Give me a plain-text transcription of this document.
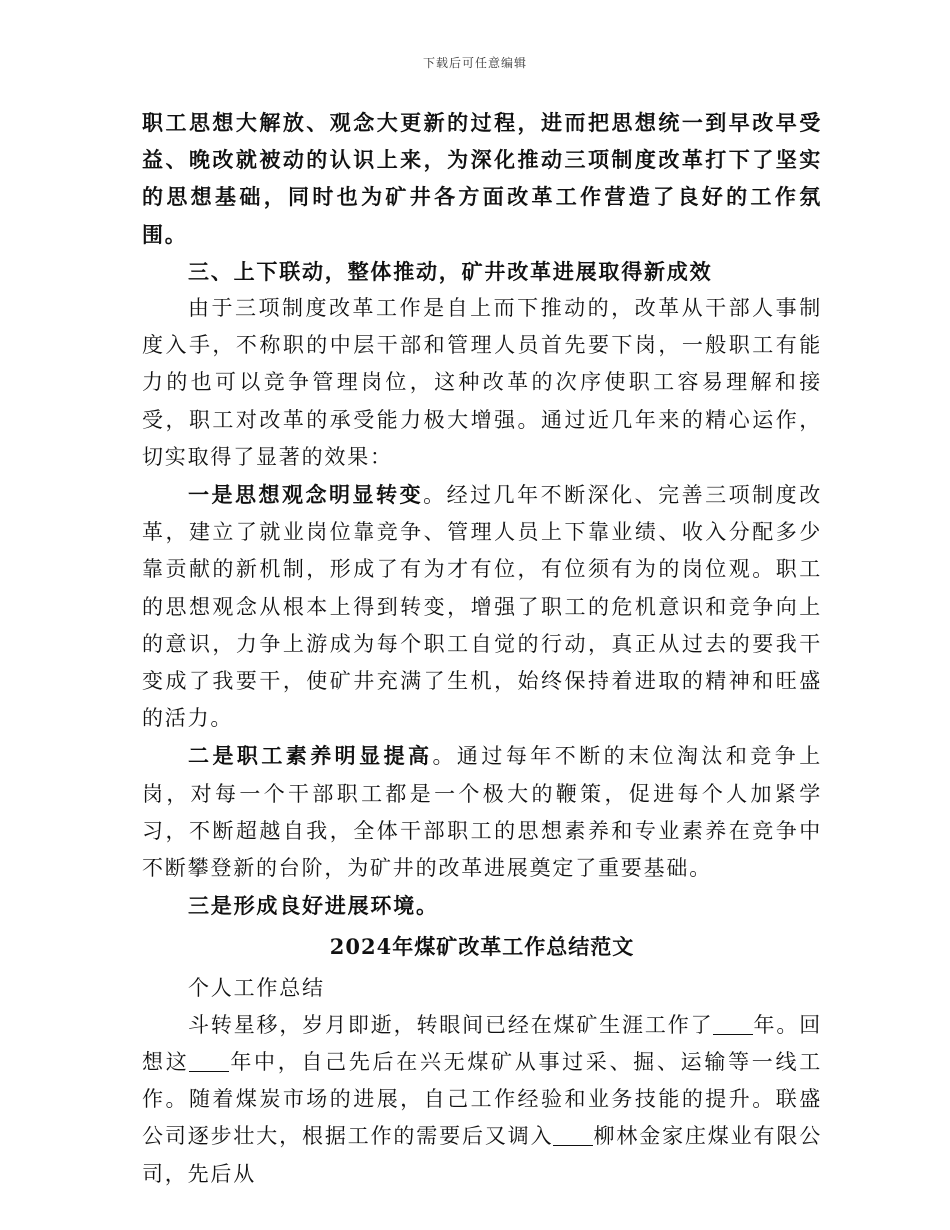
下载后可任意编辑

职工思想大解放、观念大更新的过程，进而把思想统一到早改早受益、晚改就被动的认识上来，为深化推动三项制度改革打下了坚实的思想基础，同时也为矿井各方面改革工作营造了良好的工作氛围。

三、上下联动，整体推动，矿井改革进展取得新成效

由于三项制度改革工作是自上而下推动的，改革从干部人事制度入手，不称职的中层干部和管理人员首先要下岗，一般职工有能力的也可以竞争管理岗位，这种改革的次序使职工容易理解和接受，职工对改革的承受能力极大增强。通过近几年来的精心运作，切实取得了显著的效果：

一是思想观念明显转变。经过几年不断深化、完善三项制度改革，建立了就业岗位靠竞争、管理人员上下靠业绩、收入分配多少靠贡献的新机制，形成了有为才有位，有位须有为的岗位观。职工的思想观念从根本上得到转变，增强了职工的危机意识和竞争向上的意识，力争上游成为每个职工自觉的行动，真正从过去的要我干变成了我要干，使矿井充满了生机，始终保持着进取的精神和旺盛的活力。

二是职工素养明显提高。通过每年不断的末位淘汰和竞争上岗，对每一个干部职工都是一个极大的鞭策，促进每个人加紧学习，不断超越自我，全体干部职工的思想素养和专业素养在竞争中不断攀登新的台阶，为矿井的改革进展奠定了重要基础。

三是形成良好进展环境。

2024年煤矿改革工作总结范文

个人工作总结

斗转星移，岁月即逝，转眼间已经在煤矿生涯工作了 年。回想这 年中，自己先后在兴无煤矿从事过采、掘、运输等一线工作。随着煤炭市场的进展，自己工作经验和业务技能的提升。联盛公司逐步壮大，根据工作的需要后又调入 柳林金家庄煤业有限公司，先后从
